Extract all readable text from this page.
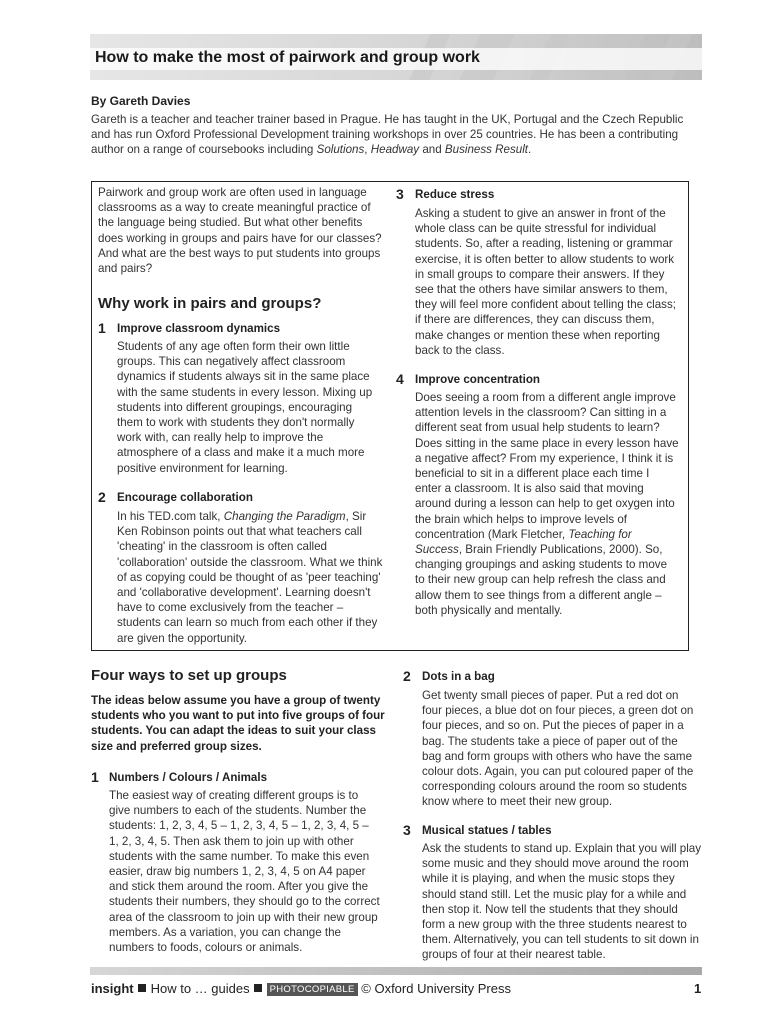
How to make the most of pairwork and group work
By Gareth Davies
Gareth is a teacher and teacher trainer based in Prague. He has taught in the UK, Portugal and the Czech Republic and has run Oxford Professional Development training workshops in over 25 countries. He has been a contributing author on a range of coursebooks including Solutions, Headway and Business Result.
Pairwork and group work are often used in language classrooms as a way to create meaningful practice of the language being studied. But what other benefits does working in groups and pairs have for our classes? And what are the best ways to put students into groups and pairs?
Why work in pairs and groups?
1 Improve classroom dynamics
Students of any age often form their own little groups. This can negatively affect classroom dynamics if students always sit in the same place with the same students in every lesson. Mixing up students into different groupings, encouraging them to work with students they don't normally work with, can really help to improve the atmosphere of a class and make it a much more positive environment for learning.
2 Encourage collaboration
In his TED.com talk, Changing the Paradigm, Sir Ken Robinson points out that what teachers call 'cheating' in the classroom is often called 'collaboration' outside the classroom. What we think of as copying could be thought of as 'peer teaching' and 'collaborative development'. Learning doesn't have to come exclusively from the teacher – students can learn so much from each other if they are given the opportunity.
3 Reduce stress
Asking a student to give an answer in front of the whole class can be quite stressful for individual students. So, after a reading, listening or grammar exercise, it is often better to allow students to work in small groups to compare their answers. If they see that the others have similar answers to them, they will feel more confident about telling the class; if there are differences, they can discuss them, make changes or mention these when reporting back to the class.
4 Improve concentration
Does seeing a room from a different angle improve attention levels in the classroom? Can sitting in a different seat from usual help students to learn? Does sitting in the same place in every lesson have a negative affect? From my experience, I think it is beneficial to sit in a different place each time I enter a classroom. It is also said that moving around during a lesson can help to get oxygen into the brain which helps to improve levels of concentration (Mark Fletcher, Teaching for Success, Brain Friendly Publications, 2000). So, changing groupings and asking students to move to their new group can help refresh the class and allow them to see things from a different angle – both physically and mentally.
Four ways to set up groups
The ideas below assume you have a group of twenty students who you want to put into five groups of four students. You can adapt the ideas to suit your class size and preferred group sizes.
1 Numbers / Colours / Animals
The easiest way of creating different groups is to give numbers to each of the students. Number the students: 1, 2, 3, 4, 5 – 1, 2, 3, 4, 5 – 1, 2, 3, 4, 5 – 1, 2, 3, 4, 5. Then ask them to join up with other students with the same number. To make this even easier, draw big numbers 1, 2, 3, 4, 5 on A4 paper and stick them around the room. After you give the students their numbers, they should go to the correct area of the classroom to join up with their new group members. As a variation, you can change the numbers to foods, colours or animals.
2 Dots in a bag
Get twenty small pieces of paper. Put a red dot on four pieces, a blue dot on four pieces, a green dot on four pieces, and so on. Put the pieces of paper in a bag. The students take a piece of paper out of the bag and form groups with others who have the same colour dots. Again, you can put coloured paper of the corresponding colours around the room so students know where to meet their new group.
3 Musical statues / tables
Ask the students to stand up. Explain that you will play some music and they should move around the room while it is playing, and when the music stops they should stand still. Let the music play for a while and then stop it. Now tell the students that they should form a new group with the three students nearest to them. Alternatively, you can tell students to sit down in groups of four at their nearest table.
insight How to … guides PHOTOCOPIABLE © Oxford University Press	1
